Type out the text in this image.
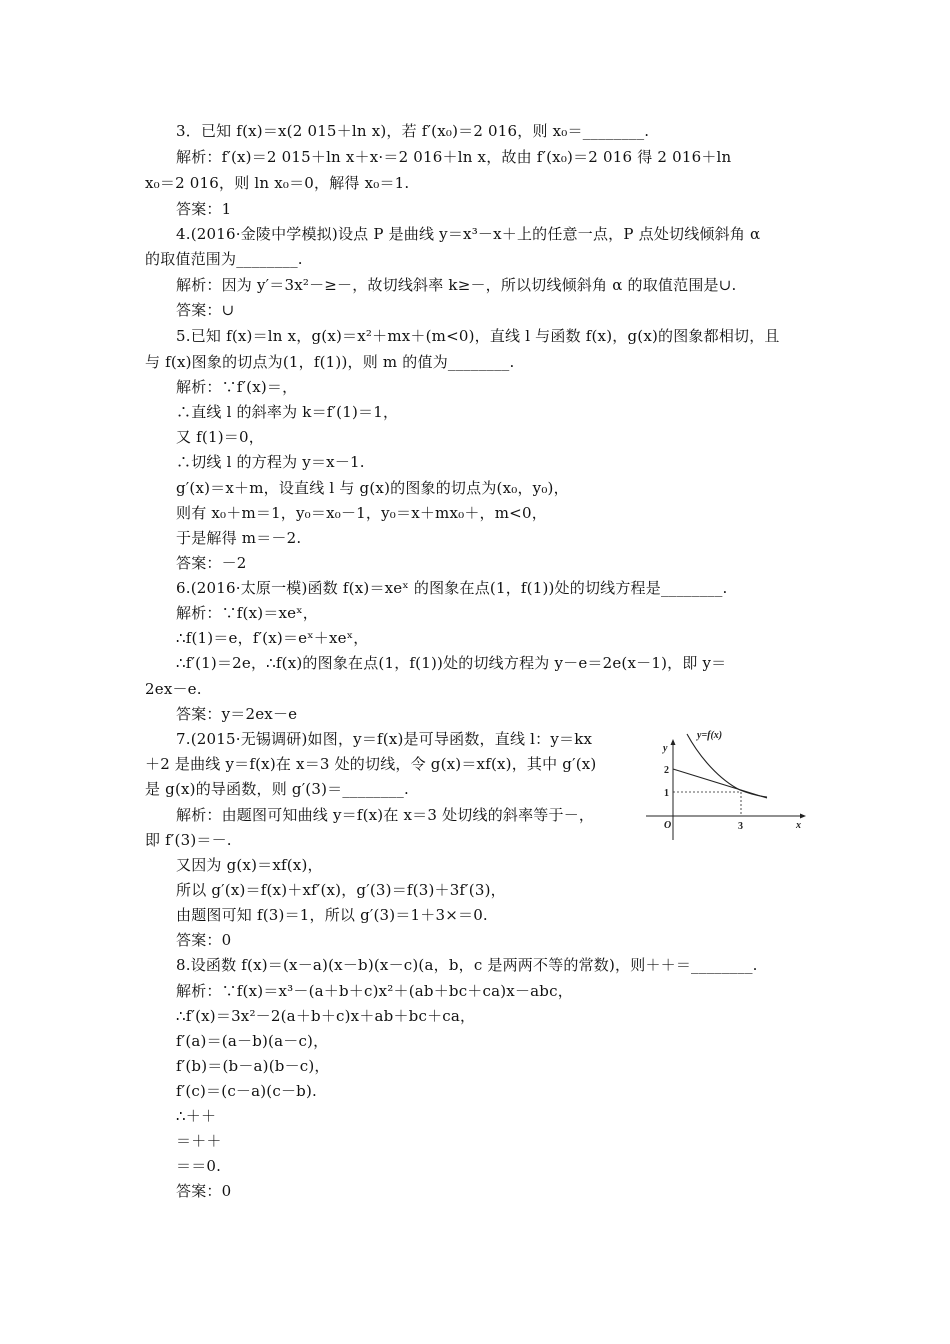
3．已知 f(x)＝x(2 015＋ln x)，若 f′(x₀)＝2 016，则 x₀＝________.
解析：f′(x)＝2 015＋ln x＋x·＝2 016＋ln x，故由 f′(x₀)＝2 016 得 2 016＋ln
x₀＝2 016，则 ln x₀＝0，解得 x₀＝1.
答案：1
4.(2016·金陵中学模拟)设点 P 是曲线 y＝x³－x＋上的任意一点，P 点处切线倾斜角 α
的取值范围为________.
解析：因为 y′＝3x²－≥－，故切线斜率 k≥－，所以切线倾斜角 α 的取值范围是∪.
答案：∪
5.已知 f(x)＝ln x，g(x)＝x²＋mx＋(m<0)，直线 l 与函数 f(x)，g(x)的图象都相切，且
与 f(x)图象的切点为(1，f(1))，则 m 的值为________.
解析：∵f′(x)＝，
∴直线 l 的斜率为 k＝f′(1)＝1，
又 f(1)＝0，
∴切线 l 的方程为 y＝x－1.
g′(x)＝x＋m，设直线 l 与 g(x)的图象的切点为(x₀，y₀)，
则有 x₀＋m＝1，y₀＝x₀－1，y₀＝x＋mx₀＋，m<0，
于是解得 m＝－2.
答案：－2
6.(2016·太原一模)函数 f(x)＝xeˣ 的图象在点(1，f(1))处的切线方程是________.
解析：∵f(x)＝xeˣ，
∴f(1)＝e，f′(x)＝eˣ＋xeˣ，
∴f′(1)＝2e，∴f(x)的图象在点(1，f(1))处的切线方程为 y－e＝2e(x－1)，即 y＝
2ex－e.
答案：y＝2ex－e
7.(2015·无锡调研)如图，y＝f(x)是可导函数，直线 l：y＝kx
＋2 是曲线 y＝f(x)在 x＝3 处的切线，令 g(x)＝xf(x)，其中 g′(x)
是 g(x)的导函数，则 g′(3)＝________.
解析：由题图可知曲线 y＝f(x)在 x＝3 处切线的斜率等于－，
即 f′(3)＝－.
又因为 g(x)＝xf(x)，
所以 g′(x)＝f(x)＋xf′(x)，g′(3)＝f(3)＋3f′(3)，
由题图可知 f(3)＝1，所以 g′(3)＝1＋3×＝0.
答案：0
8.设函数 f(x)＝(x－a)(x－b)(x－c)(a，b，c 是两两不等的常数)，则＋＋＝________.
解析：∵f(x)＝x³－(a＋b＋c)x²＋(ab＋bc＋ca)x－abc，
∴f′(x)＝3x²－2(a＋b＋c)x＋ab＋bc＋ca，
f′(a)＝(a－b)(a－c)，
f′(b)＝(b－a)(b－c)，
f′(c)＝(c－a)(c－b).
∴＋＋
＝＋＋
＝＝0.
答案：0
y=f(x)
y
x
O
2
1
3
